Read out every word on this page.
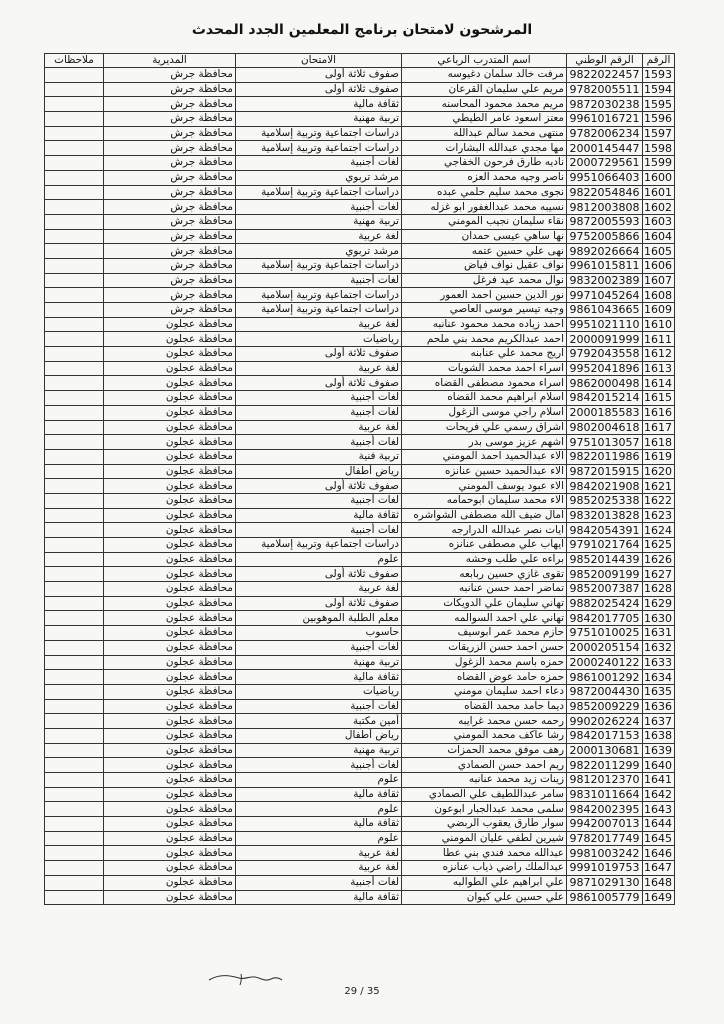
المرشحون لامتحان برنامج المعلمين الجدد المحدث
الرقم	الرقم الوطني	اسم المتدرب الرباعي	الامتحان	المديرية	ملاحظات
1593	9822022457	مرفت خالد سلمان دغيوسه	صفوف ثلاثة أولى	محافظة جرش	
1594	9782005511	مريم علي سليمان القرعان	صفوف ثلاثة أولى	محافظة جرش	
1595	9872030238	مريم محمد محمود المحاسنه	ثقافة مالية	محافظة جرش	
1596	9961016721	معتز اسعود عامر الطيطي	تربية مهنية	محافظة جرش	
1597	9782006234	منتهى محمد سالم عبدالله	دراسات اجتماعية وتربية إسلامية	محافظة جرش	
1598	2000145447	مها مجدي عبدالله البشارات	دراسات اجتماعية وتربية إسلامية	محافظة جرش	
1599	2000729561	ناديه طارق فرحون الخفاجي	لغات أجنبية	محافظة جرش	
1600	9951066403	ناصر وجيه محمد العزه	مرشد تربوي	محافظة جرش	
1601	9822054846	نجوى محمد سليم حلمي عبده	دراسات اجتماعية وتربية إسلامية	محافظة جرش	
1602	9812003808	نسيبه محمد عبدالغفور ابو غزله	لغات أجنبية	محافظة جرش	
1603	9872005593	نقاء سليمان نجيب المومني	تربية مهنية	محافظة جرش	
1604	9752005866	نها ساهي عيسى حمدان	لغة عربية	محافظة جرش	
1605	9892026664	نهى علي حسين عتمه	مرشد تربوي	محافظة جرش	
1606	9961015811	نواف عقيل نواف فياض	دراسات اجتماعية وتربية إسلامية	محافظة جرش	
1607	9832002389	نوال محمد عيد فرغل	لغات أجنبية	محافظة جرش	
1608	9971045264	نور الدين حسين احمد العمور	دراسات اجتماعية وتربية إسلامية	محافظة جرش	
1609	9861043665	وجيه تيسير موسى العاصي	دراسات اجتماعية وتربية إسلامية	محافظة جرش	
1610	9951021110	احمد زياده محمد محمود عنانبه	لغة عربية	محافظة عجلون	
1611	2000091999	احمد عبدالكريم محمد بني ملحم	رياضيات	محافظة عجلون	
1612	9792043558	اريج محمد علي عنابنه	صفوف ثلاثة أولى	محافظة عجلون	
1613	9952041896	اسراء احمد محمد الشويات	لغة عربية	محافظة عجلون	
1614	9862000498	اسراء محمود مصطفى القضاه	صفوف ثلاثة أولى	محافظة عجلون	
1615	9842015214	اسلام ابراهيم محمد القضاه	لغات أجنبية	محافظة عجلون	
1616	2000185583	اسلام راجي موسى الزغول	لغات أجنبية	محافظة عجلون	
1617	9802004618	اشراق رسمي علي فريحات	لغة عربية	محافظة عجلون	
1618	9751013057	اشهم عزيز موسى بدر	لغات أجنبية	محافظة عجلون	
1619	9822011986	الاء عبدالحميد احمد المومني	تربية فنية	محافظة عجلون	
1620	9872015915	الاء عبدالحميد حسين عنانزه	رياض أطفال	محافظة عجلون	
1621	9842021908	الاء عبود يوسف المومني	صفوف ثلاثة أولى	محافظة عجلون	
1622	9852025338	الاء محمد سليمان ابوحمامه	لغات أجنبية	محافظة عجلون	
1623	9832013828	امال ضيف الله مصطفى الشواشره	ثقافة مالية	محافظة عجلون	
1624	9842054391	ايات نصر عبدالله الدرارجه	لغات أجنبية	محافظة عجلون	
1625	9791021764	ايهاب علي مصطفى عنانزه	دراسات اجتماعية وتربية إسلامية	محافظة عجلون	
1626	9852014439	براءه علي طلب وحشه	علوم	محافظة عجلون	
1627	9852009199	تقوى غازي حسين ربابعه	صفوف ثلاثة أولى	محافظة عجلون	
1628	9852007387	تماضر احمد حسن عنانبه	لغة عربية	محافظة عجلون	
1629	9882025424	تهاني سليمان علي الدويكات	صفوف ثلاثة أولى	محافظة عجلون	
1630	9842017705	تهاني علي احمد السوالمه	معلم الطلبة الموهوبين	محافظة عجلون	
1631	9751010025	حازم محمد عمر ابوسيف	حاسوب	محافظة عجلون	
1632	2000205154	حسن احمد حسن الزريقات	لغات أجنبية	محافظة عجلون	
1633	2000240122	حمزه باسم محمد الزغول	تربية مهنية	محافظة عجلون	
1634	9861001292	حمزه حامد عوض القضاه	ثقافة مالية	محافظة عجلون	
1635	9872004430	دعاء احمد سليمان مومني	رياضيات	محافظة عجلون	
1636	9852009229	ديما حامد محمد القضاه	لغات أجنبية	محافظة عجلون	
1637	9902026224	رحمه حسن محمد غرايبه	أمين مكتبة	محافظة عجلون	
1638	9842017153	رشا عاكف محمد المومني	رياض أطفال	محافظة عجلون	
1639	2000130681	رهف موفق محمد الحمزات	تربية مهنية	محافظة عجلون	
1640	9822011299	ريم احمد حسن الصمادي	لغات أجنبية	محافظة عجلون	
1641	9812012370	زينات زيد محمد عنانبه	علوم	محافظة عجلون	
1642	9831011664	سامر عبداللطيف علي الصمادي	ثقافة مالية	محافظة عجلون	
1643	9842002395	سلمى محمد عبدالجبار ابوعون	علوم	محافظة عجلون	
1644	9942007013	سوار طارق يعقوب الربضي	ثقافة مالية	محافظة عجلون	
1645	9782017749	شيرين لطفي عليان المومني	علوم	محافظة عجلون	
1646	9981003242	عبدالله محمد فندي بني عطا	لغة عربية	محافظة عجلون	
1647	9991019753	عبدالملك راضي ذياب عنانزه	لغة عربية	محافظة عجلون	
1648	9871029130	علي ابراهيم علي الطوالبه	لغات أجنبية	محافظة عجلون	
1649	9861005779	علي حسين علي كيوان	ثقافة مالية	محافظة عجلون	
29 / 35
